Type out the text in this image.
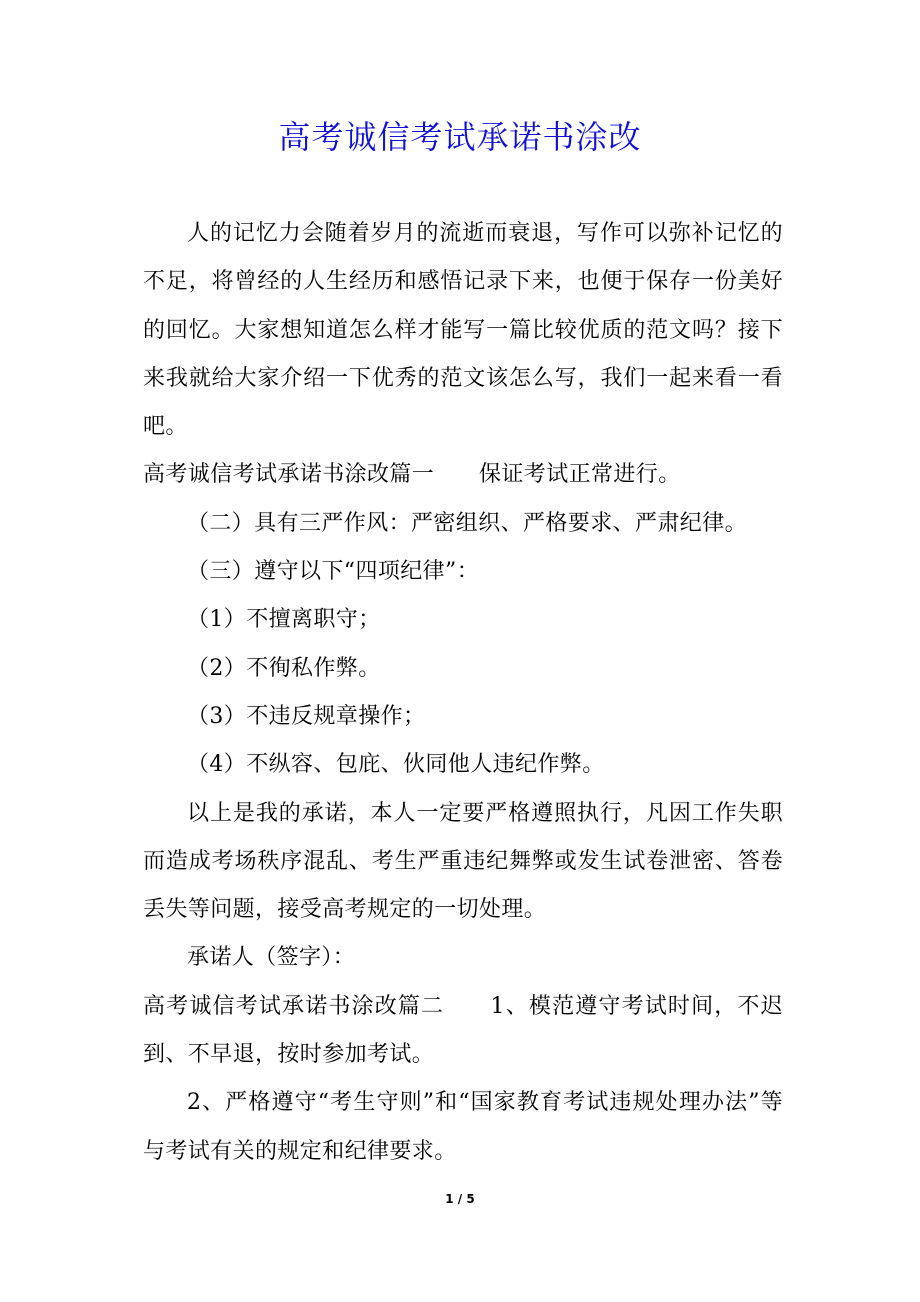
高考诚信考试承诺书涂改

人的记忆力会随着岁月的流逝而衰退，写作可以弥补记忆的不足，将曾经的人生经历和感悟记录下来，也便于保存一份美好的回忆。大家想知道怎么样才能写一篇比较优质的范文吗？接下来我就给大家介绍一下优秀的范文该怎么写，我们一起来看一看吧。

高考诚信考试承诺书涂改篇一　　保证考试正常进行。

（二）具有三严作风：严密组织、严格要求、严肃纪律。

（三）遵守以下“四项纪律”：

（1）不擅离职守；

（2）不徇私作弊。

（3）不违反规章操作；

（4）不纵容、包庇、伙同他人违纪作弊。

以上是我的承诺，本人一定要严格遵照执行，凡因工作失职而造成考场秩序混乱、考生严重违纪舞弊或发生试卷泄密、答卷丢失等问题，接受高考规定的一切处理。

承诺人（签字）：

高考诚信考试承诺书涂改篇二　　1、模范遵守考试时间，不迟到、不早退，按时参加考试。

2、严格遵守“考生守则”和“国家教育考试违规处理办法”等与考试有关的规定和纪律要求。

1 / 5
